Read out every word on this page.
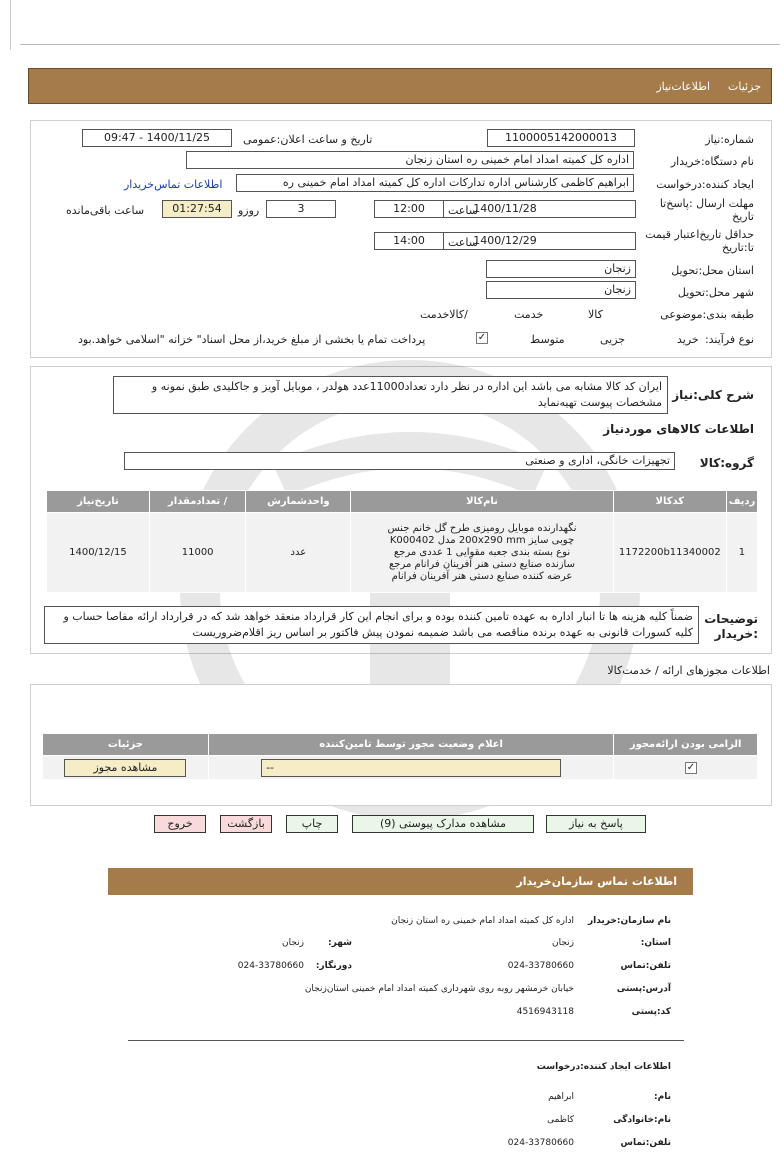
جزئیات
اطلاعات‌نیاز
شماره:نیاز
1100005142000013
تاریخ و ساعت اعلان:عمومی
1400/11/25 - 09:47
نام دستگاه:خریدار
اداره کل کمیته امداد امام خمینی ره استان زنجان
ایجاد کننده:درخواست
ابراهیم کاظمی کارشناس اداره تدارکات اداره کل کمیته امداد امام خمینی ره
اطلاعات تماس‌خریدار
مهلت ارسال :پاسخ‌تا تاریخ
1400/11/28
ساعت
12:00
3
روزو
01:27:54
ساعت باقی‌مانده
حداقل تاریخ‌اعتبار قیمت تا:تاریخ
1400/12/29
ساعت
14:00
استان محل:تحویل
زنجان
شهر محل:تحویل
زنجان
طبقه بندی:موضوعی

کالا

خدمت

/کالاخدمت
نوع فرآیند:
خرید

جزیی
متوسط
✓
پرداخت تمام یا بخشی از مبلغ خرید،از محل اسناد" خزانه "اسلامی خواهد.بود
شرح کلی:نیاز
ایران کد کالا مشابه می باشد این اداره در نظر دارد تعداد11000عدد هولدر ، موبایل آویز و جاکلیدی طبق نمونه و مشخصات پیوست تهیه‌نماید
اطلاعات کالاهای موردنیاز
گروه:کالا
تجهیزات خانگی، اداری و صنعتی
ردیف	کدکالا	نام‌کالا	واحدشمارش	/ تعدادمقدار	تاریخ‌نیاز
1	1172200b11340002	نگهدارنده موبایل رومیزی طرح گل خانم جنس چوبی سایز 200x290 mm مدل K000402 نوع بسته بندی جعبه مقوایی 1 عددی مرجع سازنده صنایع دستی هنر آفرینان فرانام مرجع عرضه کننده صنایع دستی هنر آفرینان فرانام	عدد	11000	1400/12/15
توضیحات :خریدار
ضمناً کلیه هزینه ها تا انبار اداره به عهده تامین کننده بوده و برای انجام این کار قرارداد منعقد خواهد شد که در قرارداد ارائه مفاصا حساب و کلیه کسورات قانونی به عهده برنده مناقصه می باشد ضمیمه نمودن پیش فاکتور بر اساس ریز اقلام‌ضروریست
اطلاعات مجوزهای ارائه / خدمت‌کالا
الزامی بودن ارائه‌مجوز	اعلام وضعیت مجوز توسط تامین‌کننده	جزئیات
✓	--	مشاهده مجوز
پاسخ به نیاز
مشاهده مدارک پیوستی (9)
چاپ
بازگشت
خروج
اطلاعات تماس سازمان‌خریدار
نام سازمان:خریدار
اداره کل کمیته امداد امام خمینی ره استان زنجان
استان:
زنجان
شهر:
زنجان
تلفن:تماس
024-33780660
دورنگار:
024-33780660
آدرس:پستی
خیابان خرمشهر روبه روی شهرداری کمیته امداد امام خمینی استان‌زنجان
کد:پستی
4516943118
اطلاعات ایجاد کننده:درخواست
نام:
ابراهیم
نام:خانوادگی
کاظمی
تلفن:تماس
024-33780660
